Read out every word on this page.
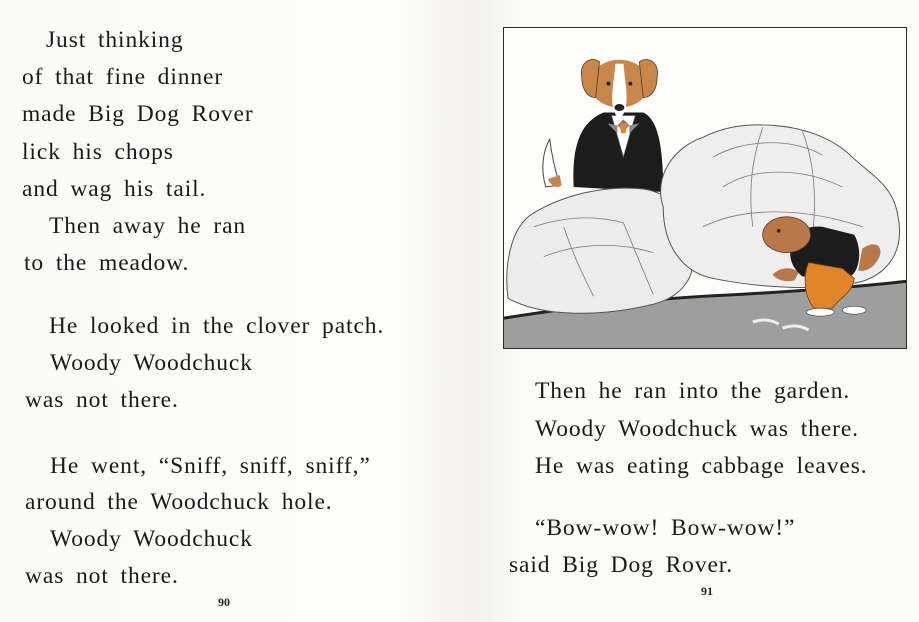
Just thinking
of that fine dinner
made Big Dog Rover
lick his chops
and wag his tail.
Then away he ran
to the meadow.
He looked in the clover patch.
Woody Woodchuck
was not there.
He went, “Sniff, sniff, sniff,”
around the Woodchuck hole.
Woody Woodchuck
was not there.
90
Then he ran into the garden.
Woody Woodchuck was there.
He was eating cabbage leaves.
“Bow-wow! Bow-wow!”
said Big Dog Rover.
91
